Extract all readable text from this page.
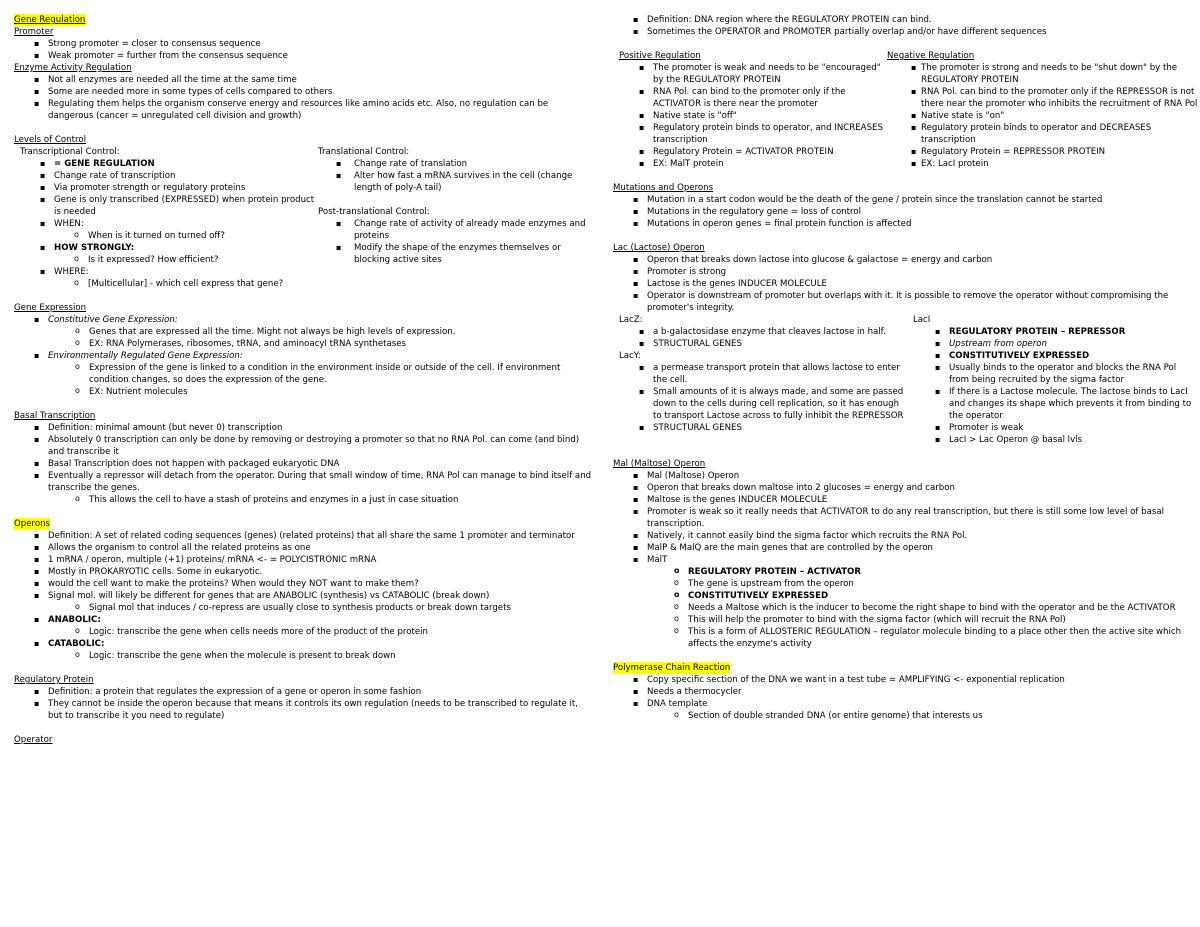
Gene Regulation
Promoter
▪ Strong promoter = closer to consensus sequence
▪ Weak promoter = further from the consensus sequence
Enzyme Activity Regulation
▪ Not all enzymes are needed all the time at the same time
▪ Some are needed more in some types of cells compared to others
▪ Regulating them helps the organism conserve energy and resources like amino acids etc. Also, no regulation can be dangerous (cancer = unregulated cell division and growth)
Levels of Control
Transcriptional Control:
▪ = GENE REGULATION
▪ Change rate of transcription
▪ Via promoter strength or regulatory proteins
▪ Gene is only transcribed (EXPRESSED) when protein product is needed
▪ WHEN:
o When is it turned on turned off?
▪ HOW STRONGLY:
o Is it expressed? How efficient?
▪ WHERE:
o [Multicellular] - which cell express that gene?
Translational Control:
▪ Change rate of translation
▪ Alter how fast a mRNA survives in the cell (change length of poly-A tail)
Post-translational Control:
▪ Change rate of activity of already made enzymes and proteins
▪ Modify the shape of the enzymes themselves or blocking active sites
Gene Expression
▪ Constitutive Gene Expression:
o Genes that are expressed all the time. Might not always be high levels of expression.
o EX: RNA Polymerases, ribosomes, tRNA, and aminoacyl tRNA synthetases
▪ Environmentally Regulated Gene Expression:
o Expression of the gene is linked to a condition in the environment inside or outside of the cell. If environment condition changes, so does the expression of the gene.
o EX: Nutrient molecules
Basal Transcription
▪ Definition: minimal amount (but never 0) transcription
▪ Absolutely 0 transcription can only be done by removing or destroying a promoter so that no RNA Pol. can come (and bind) and transcribe it
▪ Basal Transcription does not happen with packaged eukaryotic DNA
▪ Eventually a repressor will detach from the operator. During that small window of time, RNA Pol can manage to bind itself and transcribe the genes.
o This allows the cell to have a stash of proteins and enzymes in a just in case situation
Operons
▪ Definition: A set of related coding sequences (genes) (related proteins) that all share the same 1 promoter and terminator
▪ Allows the organism to control all the related proteins as one
▪ 1 mRNA / operon, multiple (+1) proteins/ mRNA <- = POLYCISTRONIC mRNA
▪ Mostly in PROKARYOTIC cells. Some in eukaryotic.
▪ would the cell want to make the proteins? When would they NOT want to make them?
▪ Signal mol. will likely be different for genes that are ANABOLIC (synthesis) vs CATABOLIC (break down)
o Signal mol that induces / co-repress are usually close to synthesis products or break down targets
▪ ANABOLIC:
o Logic: transcribe the gene when cells needs more of the product of the protein
▪ CATABOLIC:
o Logic: transcribe the gene when the molecule is present to break down
Regulatory Protein
▪ Definition: a protein that regulates the expression of a gene or operon in some fashion
▪ They cannot be inside the operon because that means it controls its own regulation (needs to be transcribed to regulate it, but to transcribe it you need to regulate)
Operator
▪ Definition: DNA region where the REGULATORY PROTEIN can bind.
▪ Sometimes the OPERATOR and PROMOTER partially overlap and/or have different sequences
Positive Regulation
▪ The promoter is weak and needs to be "encouraged" by the REGULATORY PROTEIN
▪ RNA Pol. can bind to the promoter only if the ACTIVATOR is there near the promoter
▪ Native state is "off"
▪ Regulatory protein binds to operator, and INCREASES transcription
▪ Regulatory Protein = ACTIVATOR PROTEIN
▪ EX: MalT protein
Negative Regulation
▪ The promoter is strong and needs to be "shut down" by the REGULATORY PROTEIN
▪ RNA Pol. can bind to the promoter only if the REPRESSOR is not there near the promoter who inhibits the recruitment of RNA Pol
▪ Native state is "on"
▪ Regulatory protein binds to operator and DECREASES transcription
▪ Regulatory Protein = REPRESSOR PROTEIN
▪ EX: LacI protein
Mutations and Operons
▪ Mutation in a start codon would be the death of the gene / protein since the translation cannot be started
▪ Mutations in the regulatory gene = loss of control
▪ Mutations in operon genes = final protein function is affected
Lac (Lactose) Operon
▪ Operon that breaks down lactose into glucose & galactose = energy and carbon
▪ Promoter is strong
▪ Lactose is the genes INDUCER MOLECULE
▪ Operator is downstream of promoter but overlaps with it. It is possible to remove the operator without compromising the promoter's integrity.
LacZ:
▪ a b-galactosidase enzyme that cleaves lactose in half.
▪ STRUCTURAL GENES
LacY:
▪ a permease transport protein that allows lactose to enter the cell.
▪ Small amounts of it is always made, and some are passed down to the cells during cell replication, so it has enough to transport Lactose across to fully inhibit the REPRESSOR
▪ STRUCTURAL GENES
LacI
▪ REGULATORY PROTEIN – REPRESSOR
▪ Upstream from operon
▪ CONSTITUTIVELY EXPRESSED
▪ Usually binds to the operator and blocks the RNA Pol from being recruited by the sigma factor
▪ If there is a Lactose molecule. The lactose binds to LacI and changes its shape which prevents it from binding to the operator
▪ Promoter is weak
▪ LacI > Lac Operon @ basal lvls
Mal (Maltose) Operon
▪ Mal (Maltose) Operon
▪ Operon that breaks down maltose into 2 glucoses = energy and carbon
▪ Maltose is the genes INDUCER MOLECULE
▪ Promoter is weak so it really needs that ACTIVATOR to do any real transcription, but there is still some low level of basal transcription.
▪ Natively, it cannot easily bind the sigma factor which recruits the RNA Pol.
▪ MalP & MalQ are the main genes that are controlled by the operon
▪ MalT
o REGULATORY PROTEIN – ACTIVATOR
o The gene is upstream from the operon
o CONSTITUTIVELY EXPRESSED
o Needs a Maltose which is the inducer to become the right shape to bind with the operator and be the ACTIVATOR
o This will help the promoter to bind with the sigma factor (which will recruit the RNA Pol)
o This is a form of ALLOSTERIC REGULATION – regulator molecule binding to a place other then the active site which affects the enzyme's activity
Polymerase Chain Reaction
▪ Copy specific section of the DNA we want in a test tube = AMPLIFYING <- exponential replication
▪ Needs a thermocycler
▪ DNA template
o Section of double stranded DNA (or entire genome) that interests us
